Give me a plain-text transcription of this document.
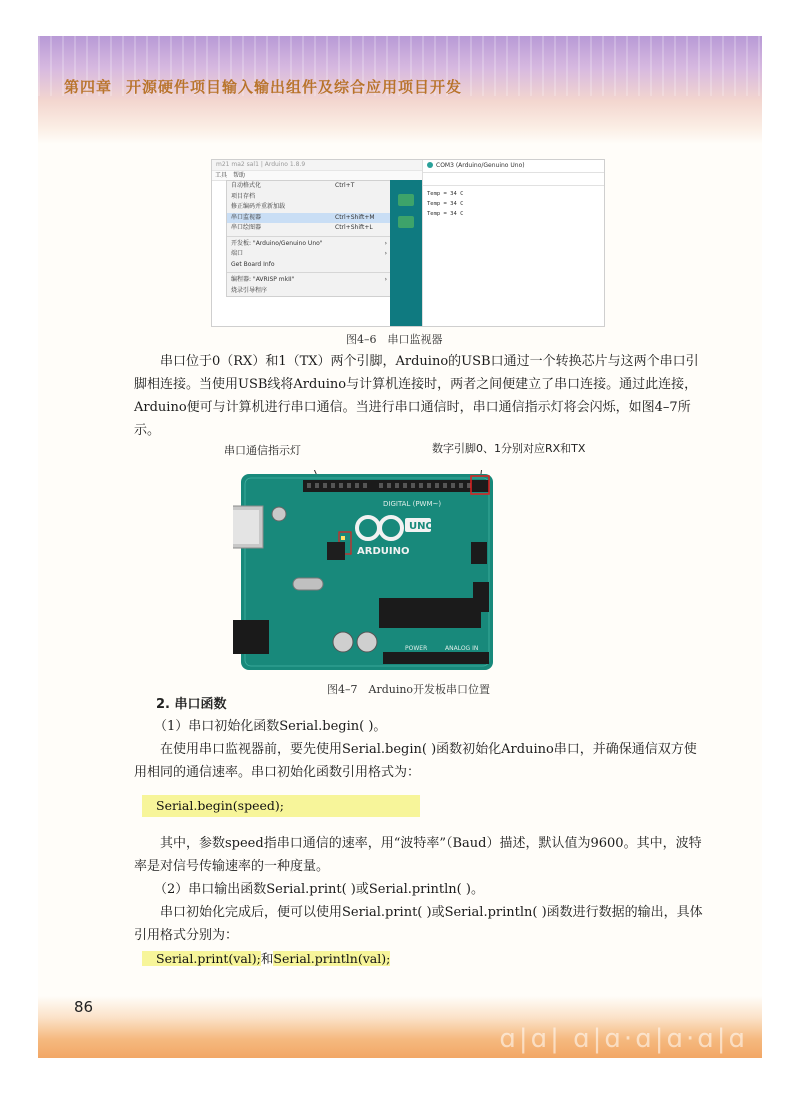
第四章 开源硬件项目输入输出组件及综合应用项目开发
m21 ma2 sal1 | Arduino 1.8.9
工具 帮助
自动格式化	Ctrl+T
项目存档
修正编码并重新加载
串口监视器	Ctrl+Shift+M
串口绘图器	Ctrl+Shift+L
开发板: "Arduino/Genuino Uno"	›
端口	›
Get Board Info
编程器: "AVRISP mkII"	›
烧录引导程序
COM3 (Arduino/Genuino Uno)
Temp = 34 C
Temp = 34 C
Temp = 34 C
图4–6　串口监视器

串口位于0（RX）和1（TX）两个引脚，Arduino的USB口通过一个转换芯片与这两个串口引脚相连接。当使用USB线将Arduino与计算机连接时，两者之间便建立了串口连接。通过此连接，Arduino便可与计算机进行串口通信。当进行串口通信时，串口通信指示灯将会闪烁，如图4–7所示。

串口通信指示灯	数字引脚0、1分别对应RX和TX
DIGITAL (PWM~)
UNO
ARDUINO
POWER	ANALOG IN
图4–7　Arduino开发板串口位置
2. 串口函数

（1）串口初始化函数Serial.begin( )。

在使用串口监视器前，要先使用Serial.begin( )函数初始化Arduino串口，并确保通信双方使用相同的通信速率。串口初始化函数引用格式为：

Serial.begin(speed);

其中，参数speed指串口通信的速率，用“波特率”（Baud）描述，默认值为9600。其中，波特率是对信号传输速率的一种度量。

（2）串口输出函数Serial.print( )或Serial.println( )。

串口初始化完成后，便可以使用Serial.print( )或Serial.println( )函数进行数据的输出，具体引用格式分别为：

Serial.print(val);和Serial.println(val);
ɑ|ɑ| ɑ|ɑ·ɑ|ɑ·ɑ|ɑ
86
